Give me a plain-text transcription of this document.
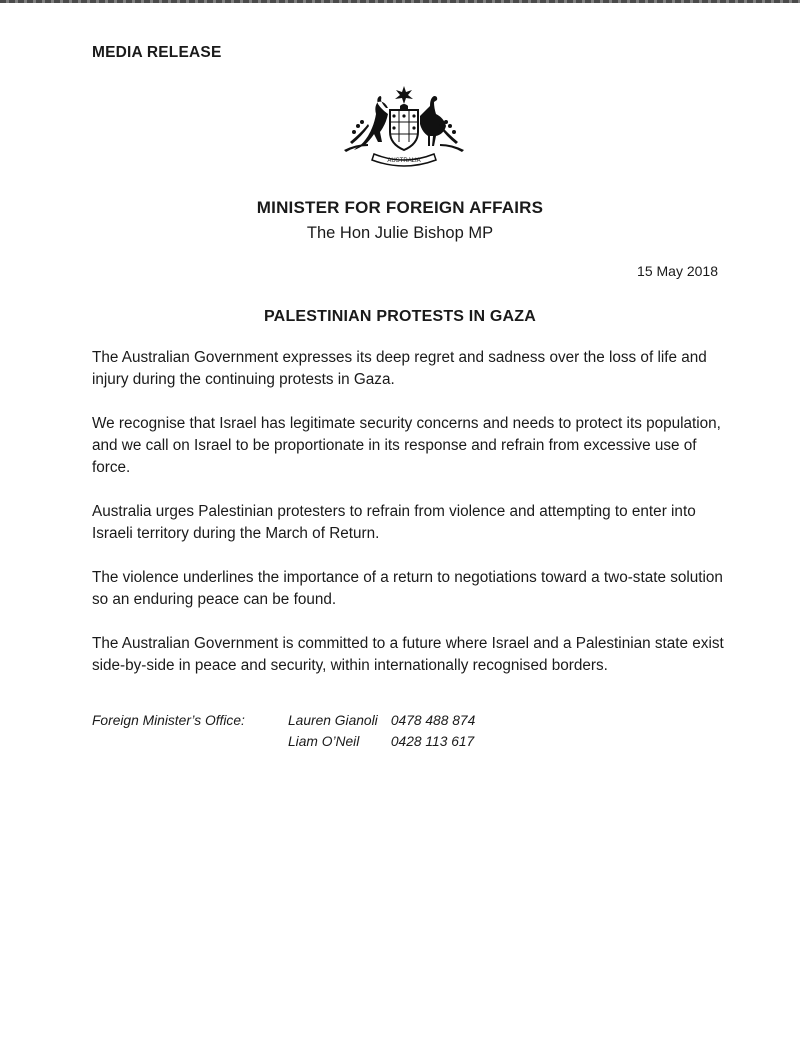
MEDIA RELEASE
AUSTRALIA
MINISTER FOR FOREIGN AFFAIRS
The Hon Julie Bishop MP
15 May 2018
PALESTINIAN PROTESTS IN GAZA

The Australian Government expresses its deep regret and sadness over the loss of life and injury during the continuing protests in Gaza.

We recognise that Israel has legitimate security concerns and needs to protect its population, and we call on Israel to be proportionate in its response and refrain from excessive use of force.

Australia urges Palestinian protesters to refrain from violence and attempting to enter into Israeli territory during the March of Return.

The violence underlines the importance of a return to negotiations toward a two-state solution so an enduring peace can be found.

The Australian Government is committed to a future where Israel and a Palestinian state exist side-by-side in peace and security, within internationally recognised borders.

Foreign Minister’s Office:	Lauren Gianoli 0478 488 874
Liam O’Neil 0428 113 617
